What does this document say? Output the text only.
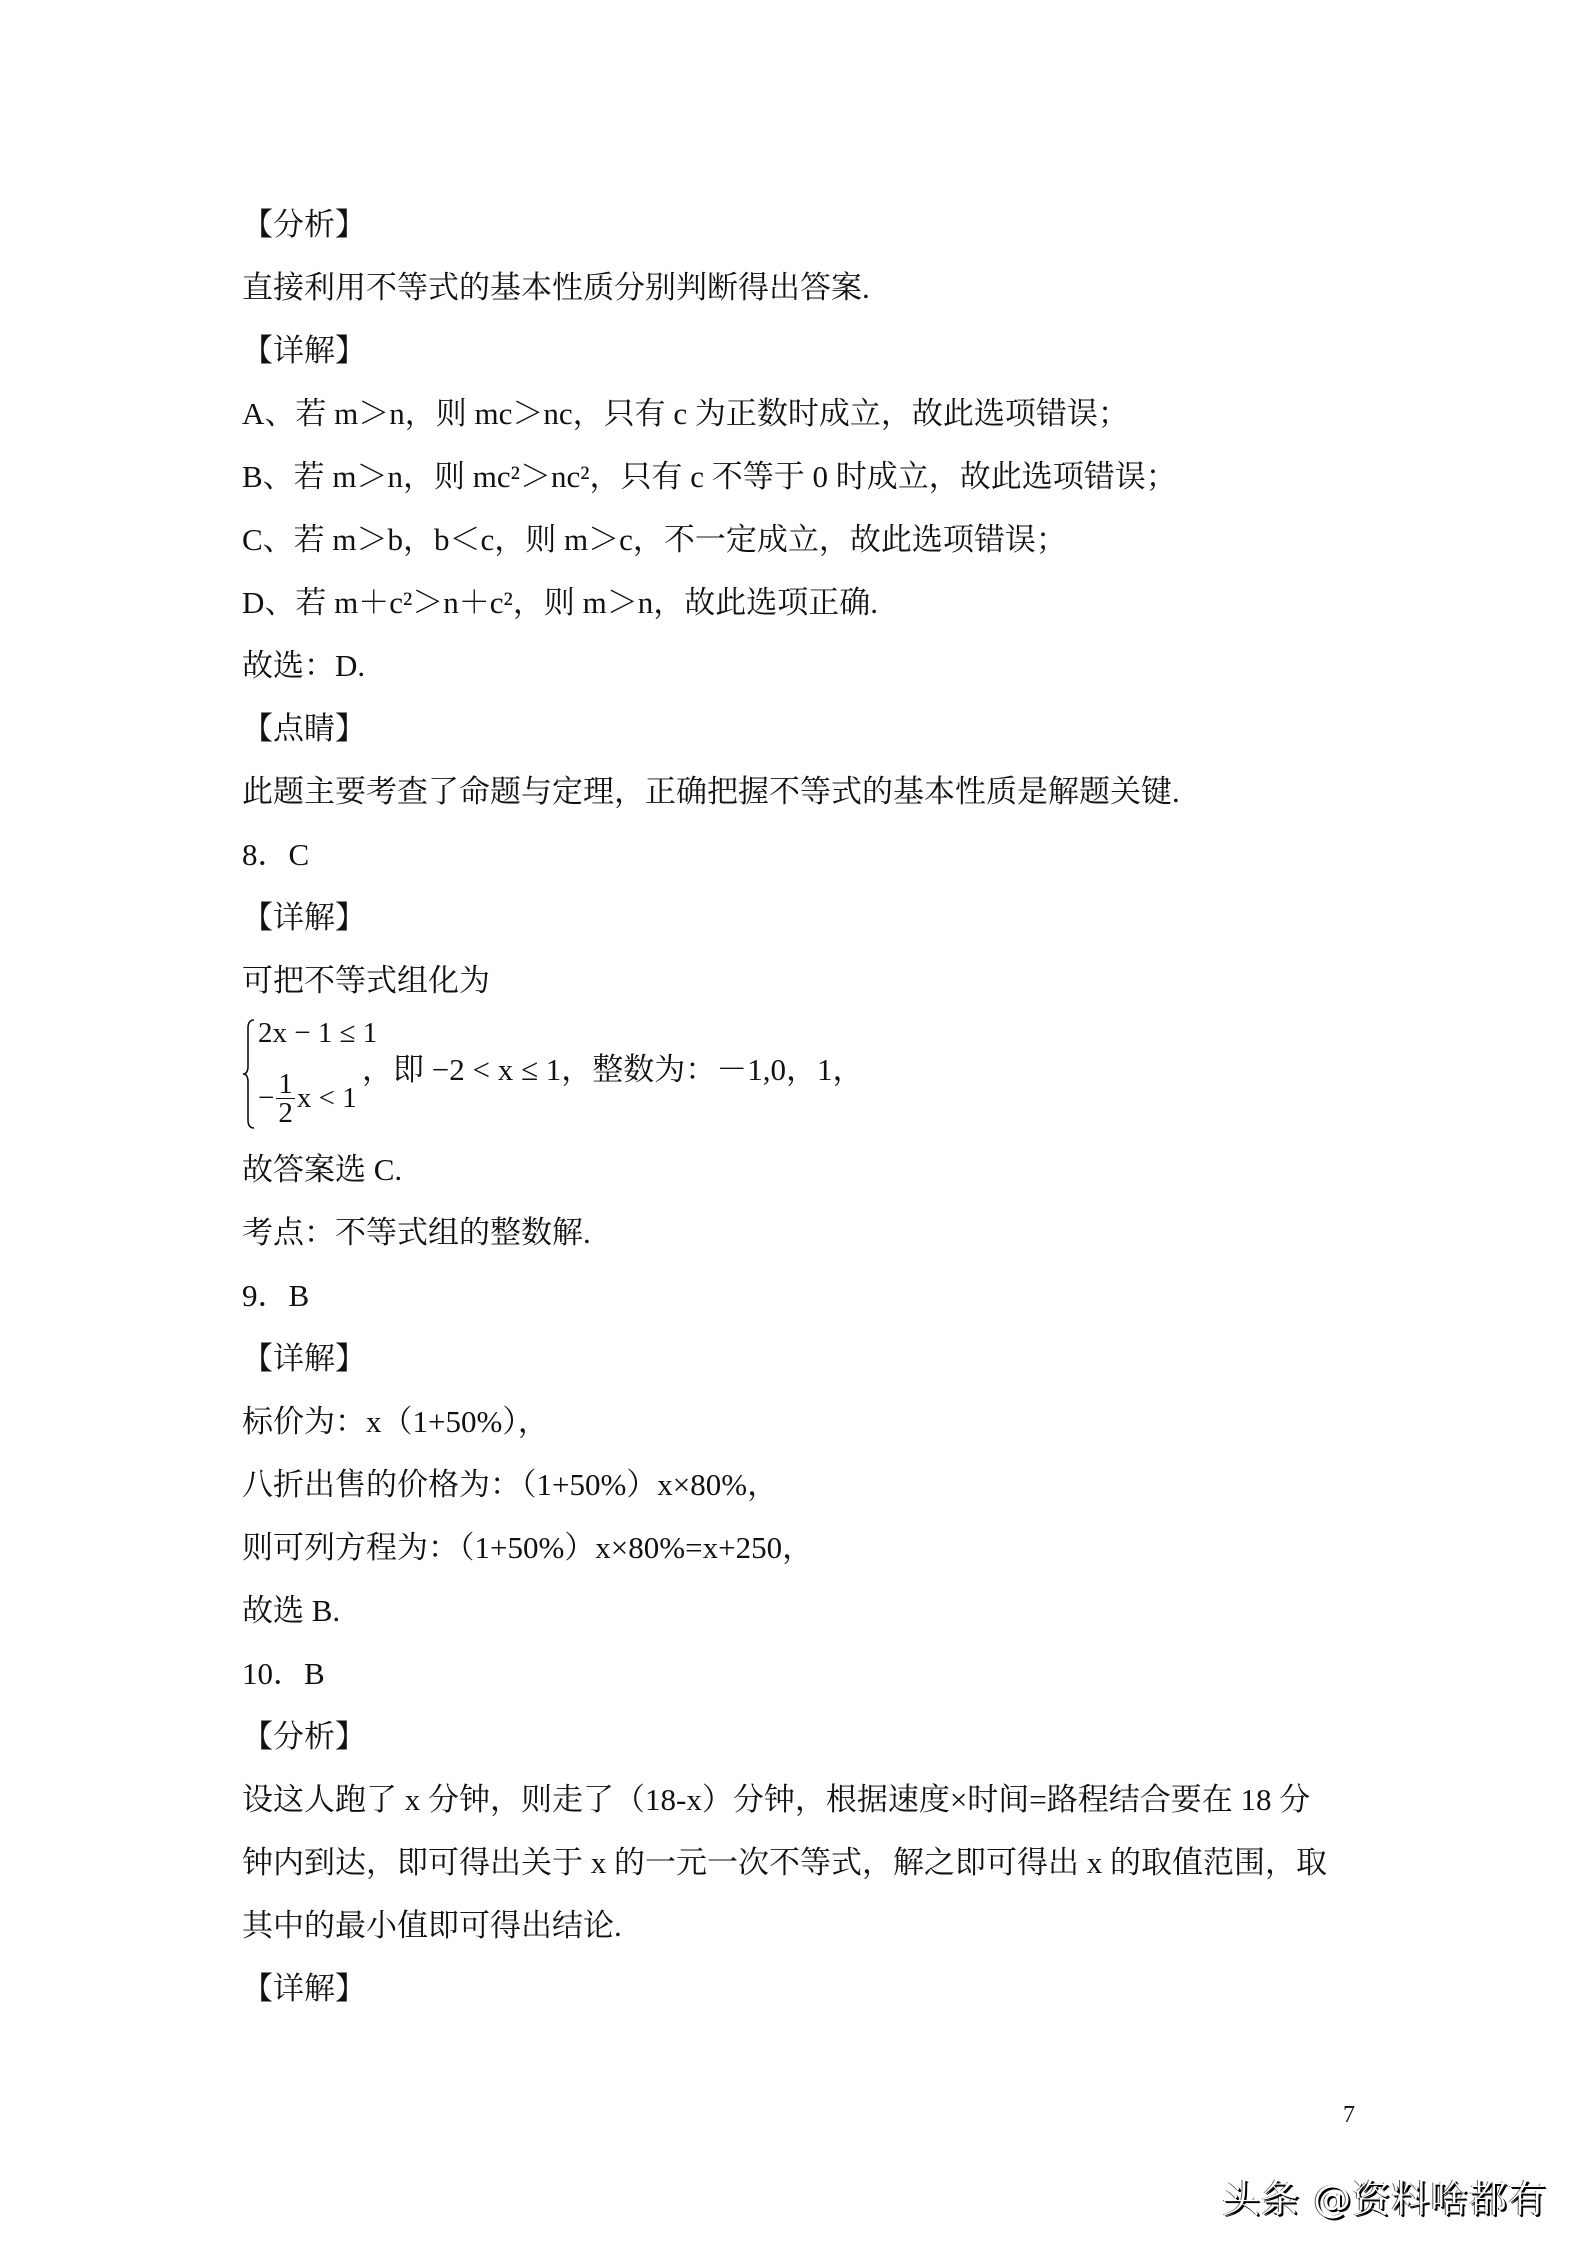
【分析】
直接利用不等式的基本性质分别判断得出答案.
【详解】
A、若 m＞n，则 mc＞nc，只有 c 为正数时成立，故此选项错误；
B、若 m＞n，则 mc²＞nc²，只有 c 不等于 0 时成立，故此选项错误；
C、若 m＞b，b＜c，则 m＞c，不一定成立，故此选项错误；
D、若 m＋c²＞n＋c²，则 m＞n，故此选项正确.
故选：D.
【点睛】
此题主要考查了命题与定理，正确把握不等式的基本性质是解题关键.
8．C
【详解】
可把不等式组化为
2x − 1 ≤ 1
− $\frac{1}{2}$ x < 1
，即 −2 < x ≤ 1，整数为：－1,0，1，
故答案选 C.
考点：不等式组的整数解.
9．B
【详解】
标价为：x（1+50%），
八折出售的价格为：（1+50%）x×80%，
则可列方程为：（1+50%）x×80%=x+250，
故选 B.
10．B
【分析】
设这人跑了 x 分钟，则走了（18-x）分钟，根据速度×时间=路程结合要在 18 分
钟内到达，即可得出关于 x 的一元一次不等式，解之即可得出 x 的取值范围，取
其中的最小值即可得出结论.
【详解】
7
头条 @资料啥都有
